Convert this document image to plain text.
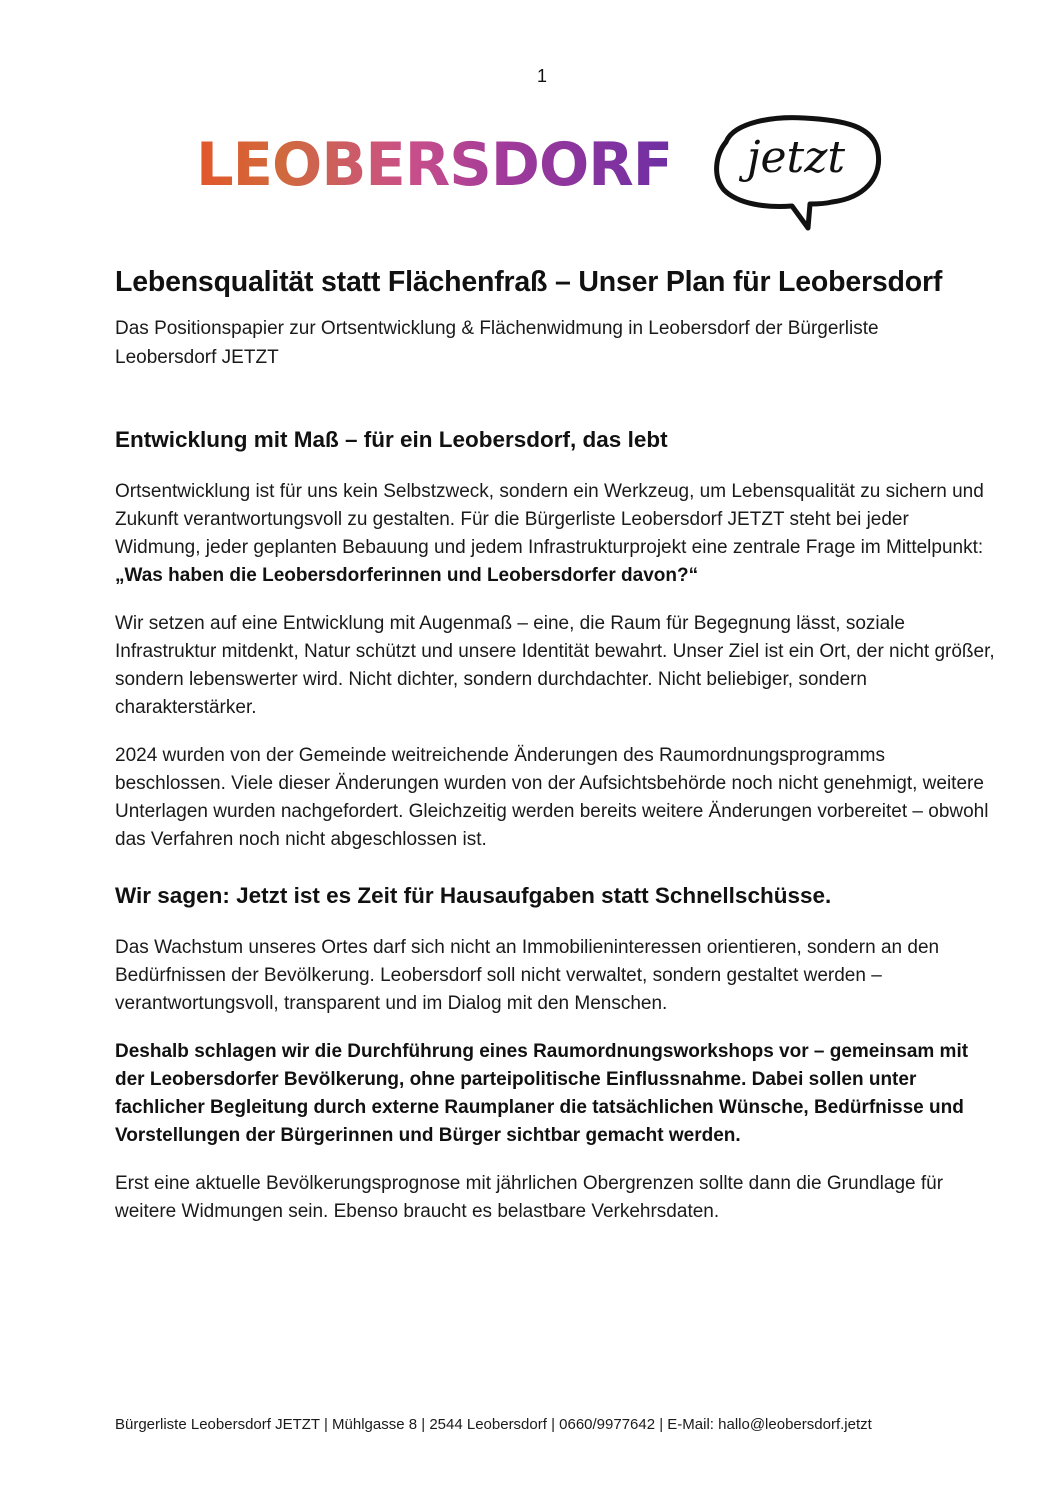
1
LEOBERSDORF	jetzt
Lebensqualität statt Flächenfraß – Unser Plan für Leobersdorf

Das Positionspapier zur Ortsentwicklung & Flächenwidmung in Leobersdorf der Bürgerliste Leobersdorf JETZT

Entwicklung mit Maß – für ein Leobersdorf, das lebt

Ortsentwicklung ist für uns kein Selbstzweck, sondern ein Werkzeug, um Lebensqualität zu sichern und Zukunft verantwortungsvoll zu gestalten. Für die Bürgerliste Leobersdorf JETZT steht bei jeder Widmung, jeder geplanten Bebauung und jedem Infrastrukturprojekt eine zentrale Frage im Mittelpunkt:
„Was haben die Leobersdorferinnen und Leobersdorfer davon?“

Wir setzen auf eine Entwicklung mit Augenmaß – eine, die Raum für Begegnung lässt, soziale Infrastruktur mitdenkt, Natur schützt und unsere Identität bewahrt. Unser Ziel ist ein Ort, der nicht größer, sondern lebenswerter wird. Nicht dichter, sondern durchdachter. Nicht beliebiger, sondern charakterstärker.

2024 wurden von der Gemeinde weitreichende Änderungen des Raumordnungsprogramms beschlossen. Viele dieser Änderungen wurden von der Aufsichtsbehörde noch nicht genehmigt, weitere Unterlagen wurden nachgefordert. Gleichzeitig werden bereits weitere Änderungen vorbereitet – obwohl das Verfahren noch nicht abgeschlossen ist.

Wir sagen: Jetzt ist es Zeit für Hausaufgaben statt Schnellschüsse.

Das Wachstum unseres Ortes darf sich nicht an Immobilieninteressen orientieren, sondern an den Bedürfnissen der Bevölkerung. Leobersdorf soll nicht verwaltet, sondern gestaltet werden – verantwortungsvoll, transparent und im Dialog mit den Menschen.

Deshalb schlagen wir die Durchführung eines Raumordnungsworkshops vor – gemeinsam mit der Leobersdorfer Bevölkerung, ohne parteipolitische Einflussnahme. Dabei sollen unter fachlicher Begleitung durch externe Raumplaner die tatsächlichen Wünsche, Bedürfnisse und Vorstellungen der Bürgerinnen und Bürger sichtbar gemacht werden.

Erst eine aktuelle Bevölkerungsprognose mit jährlichen Obergrenzen sollte dann die Grundlage für weitere Widmungen sein. Ebenso braucht es belastbare Verkehrsdaten.

Bürgerliste Leobersdorf JETZT | Mühlgasse 8 | 2544 Leobersdorf | 0660/9977642 | E-Mail: hallo@leobersdorf.jetzt
